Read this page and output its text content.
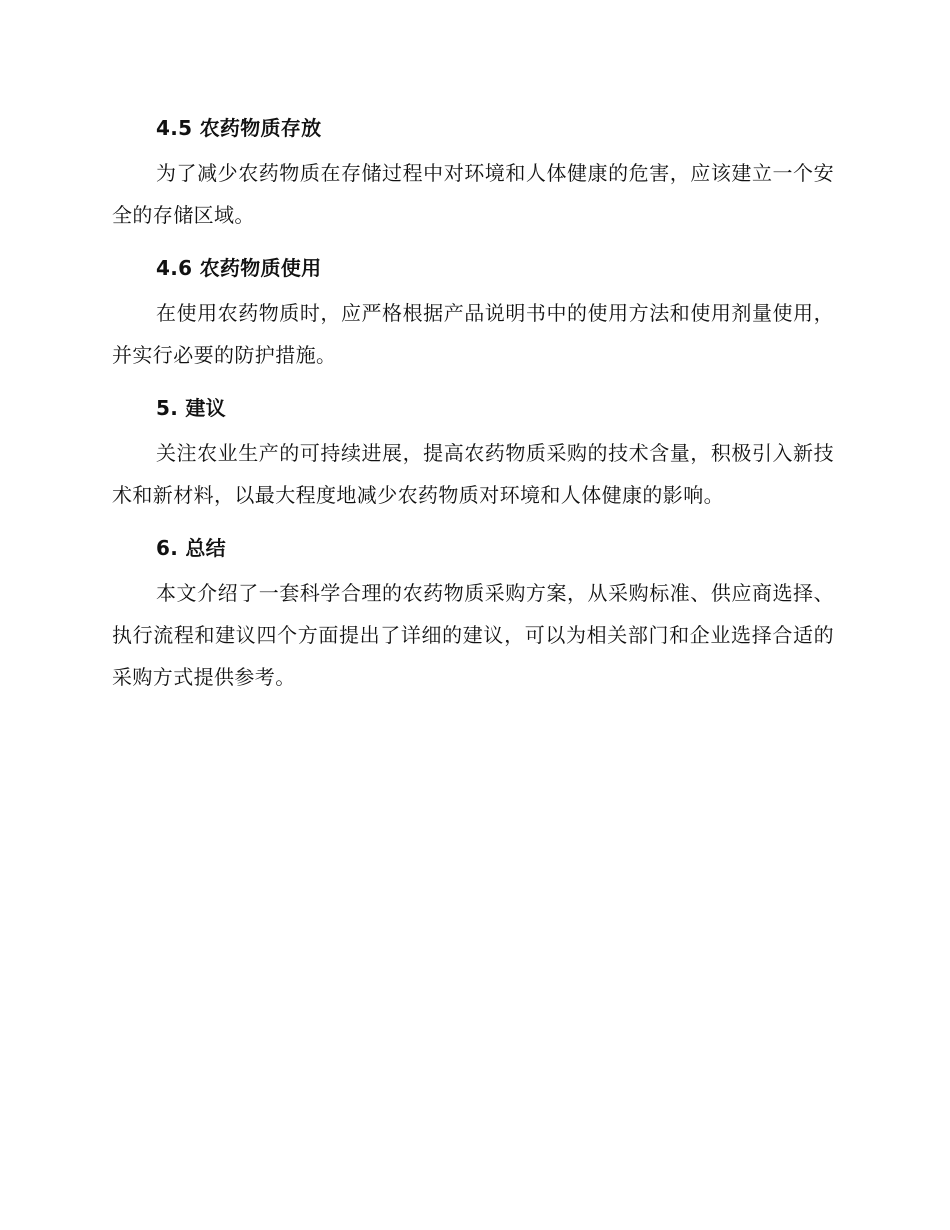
4.5 农药物质存放

为了减少农药物质在存储过程中对环境和人体健康的危害，应该建立一个安全的存储区域。

4.6 农药物质使用

在使用农药物质时，应严格根据产品说明书中的使用方法和使用剂量使用，并实行必要的防护措施。

5. 建议

关注农业生产的可持续进展，提高农药物质采购的技术含量，积极引入新技术和新材料，以最大程度地减少农药物质对环境和人体健康的影响。

6. 总结

本文介绍了一套科学合理的农药物质采购方案，从采购标准、供应商选择、执行流程和建议四个方面提出了详细的建议，可以为相关部门和企业选择合适的采购方式提供参考。
